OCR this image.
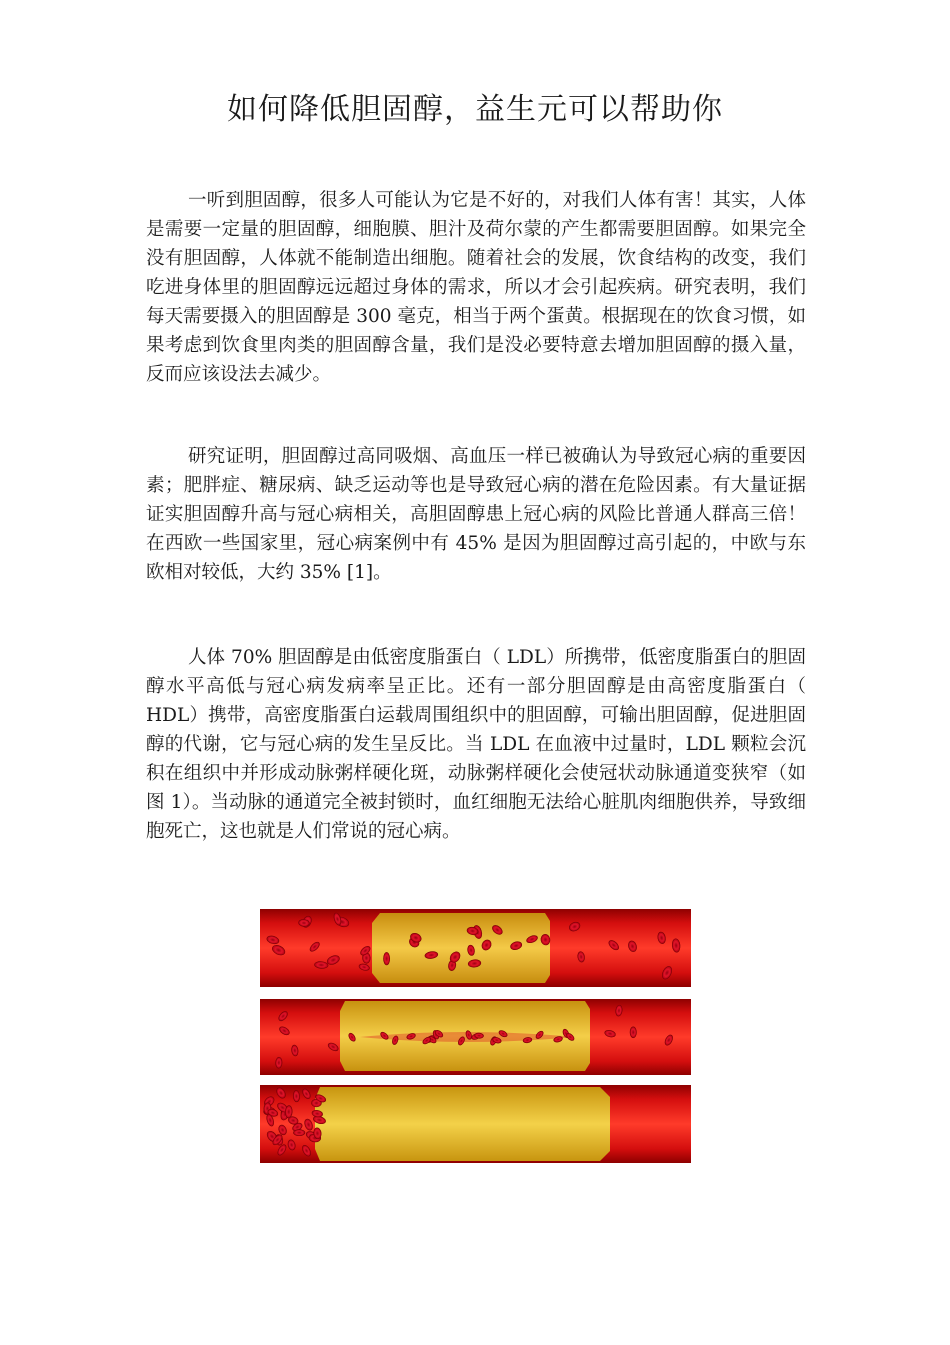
如何降低胆固醇，益生元可以帮助你

一听到胆固醇，很多人可能认为它是不好的，对我们人体有害！其实，人体是需要一定量的胆固醇，细胞膜、胆汁及荷尔蒙的产生都需要胆固醇。如果完全没有胆固醇，人体就不能制造出细胞。随着社会的发展，饮食结构的改变，我们吃进身体里的胆固醇远远超过身体的需求，所以才会引起疾病。研究表明，我们每天需要摄入的胆固醇是 300 毫克，相当于两个蛋黄。根据现在的饮食习惯，如果考虑到饮食里肉类的胆固醇含量，我们是没必要特意去增加胆固醇的摄入量，反而应该设法去减少。

研究证明，胆固醇过高同吸烟、高血压一样已被确认为导致冠心病的重要因素；肥胖症、糖尿病、缺乏运动等也是导致冠心病的潜在危险因素。有大量证据证实胆固醇升高与冠心病相关，高胆固醇患上冠心病的风险比普通人群高三倍！在西欧一些国家里，冠心病案例中有 45% 是因为胆固醇过高引起的，中欧与东欧相对较低，大约 35% [1]。

人体 70% 胆固醇是由低密度脂蛋白（ LDL）所携带，低密度脂蛋白的胆固醇水平高低与冠心病发病率呈正比。还有一部分胆固醇是由高密度脂蛋白（ HDL）携带，高密度脂蛋白运载周围组织中的胆固醇，可输出胆固醇，促进胆固醇的代谢，它与冠心病的发生呈反比。当 LDL 在血液中过量时，LDL 颗粒会沉积在组织中并形成动脉粥样硬化斑，动脉粥样硬化会使冠状动脉通道变狭窄（如图 1）。当动脉的通道完全被封锁时，血红细胞无法给心脏肌肉细胞供养，导致细胞死亡，这也就是人们常说的冠心病。
